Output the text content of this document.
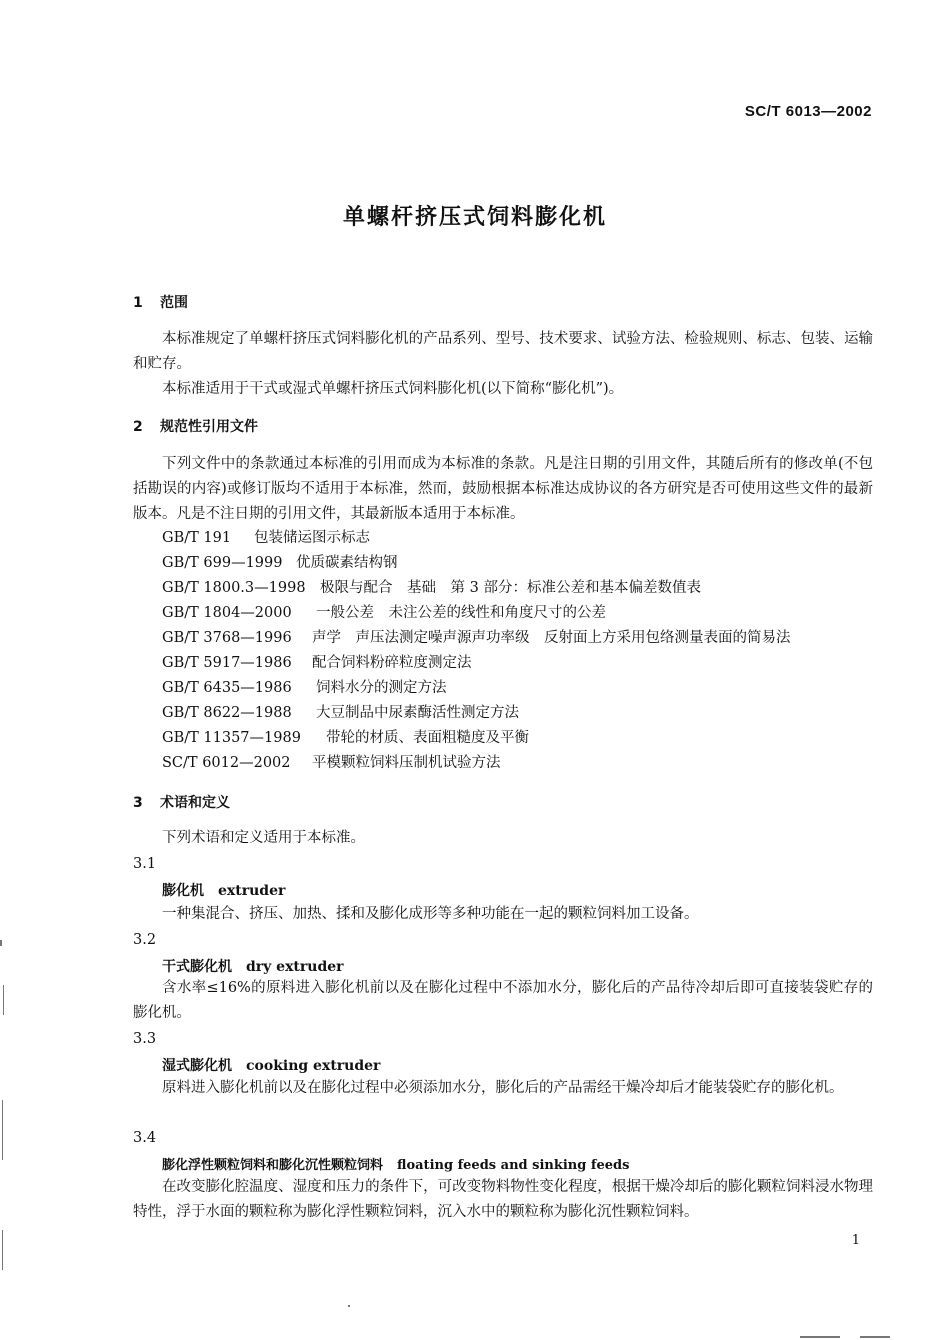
SC/T 6013—2002
单螺杆挤压式饲料膨化机
1 范围
本标准规定了单螺杆挤压式饲料膨化机的产品系列、型号、技术要求、试验方法、检验规则、标志、包装、运输和贮存。
本标准适用于干式或湿式单螺杆挤压式饲料膨化机(以下简称“膨化机”)。
2 规范性引用文件
下列文件中的条款通过本标准的引用而成为本标准的条款。凡是注日期的引用文件，其随后所有的修改单(不包括勘误的内容)或修订版均不适用于本标准，然而，鼓励根据本标准达成协议的各方研究是否可使用这些文件的最新版本。凡是不注日期的引用文件，其最新版本适用于本标准。
GB/T 191 包装储运图示标志
GB/T 699—1999 优质碳素结构钢
GB/T 1800.3—1998 极限与配合　基础　第 3 部分：标准公差和基本偏差数值表
GB/T 1804—2000 一般公差　未注公差的线性和角度尺寸的公差
GB/T 3768—1996 声学　声压法测定噪声源声功率级　反射面上方采用包络测量表面的简易法
GB/T 5917—1986 配合饲料粉碎粒度测定法
GB/T 6435—1986 饲料水分的测定方法
GB/T 8622—1988 大豆制品中尿素酶活性测定方法
GB/T 11357—1989 带轮的材质、表面粗糙度及平衡
SC/T 6012—2002 平模颗粒饲料压制机试验方法
3 术语和定义
下列术语和定义适用于本标准。
3.1
膨化机 extruder
一种集混合、挤压、加热、揉和及膨化成形等多种功能在一起的颗粒饲料加工设备。
3.2
干式膨化机 dry extruder
含水率≤16%的原料进入膨化机前以及在膨化过程中不添加水分，膨化后的产品待冷却后即可直接装袋贮存的膨化机。
3.3
湿式膨化机 cooking extruder
原料进入膨化机前以及在膨化过程中必须添加水分，膨化后的产品需经干燥冷却后才能装袋贮存的膨化机。
3.4
膨化浮性颗粒饲料和膨化沉性颗粒饲料 floating feeds and sinking feeds
在改变膨化腔温度、湿度和压力的条件下，可改变物料物性变化程度，根据干燥冷却后的膨化颗粒饲料浸水物理特性，浮于水面的颗粒称为膨化浮性颗粒饲料，沉入水中的颗粒称为膨化沉性颗粒饲料。
1
